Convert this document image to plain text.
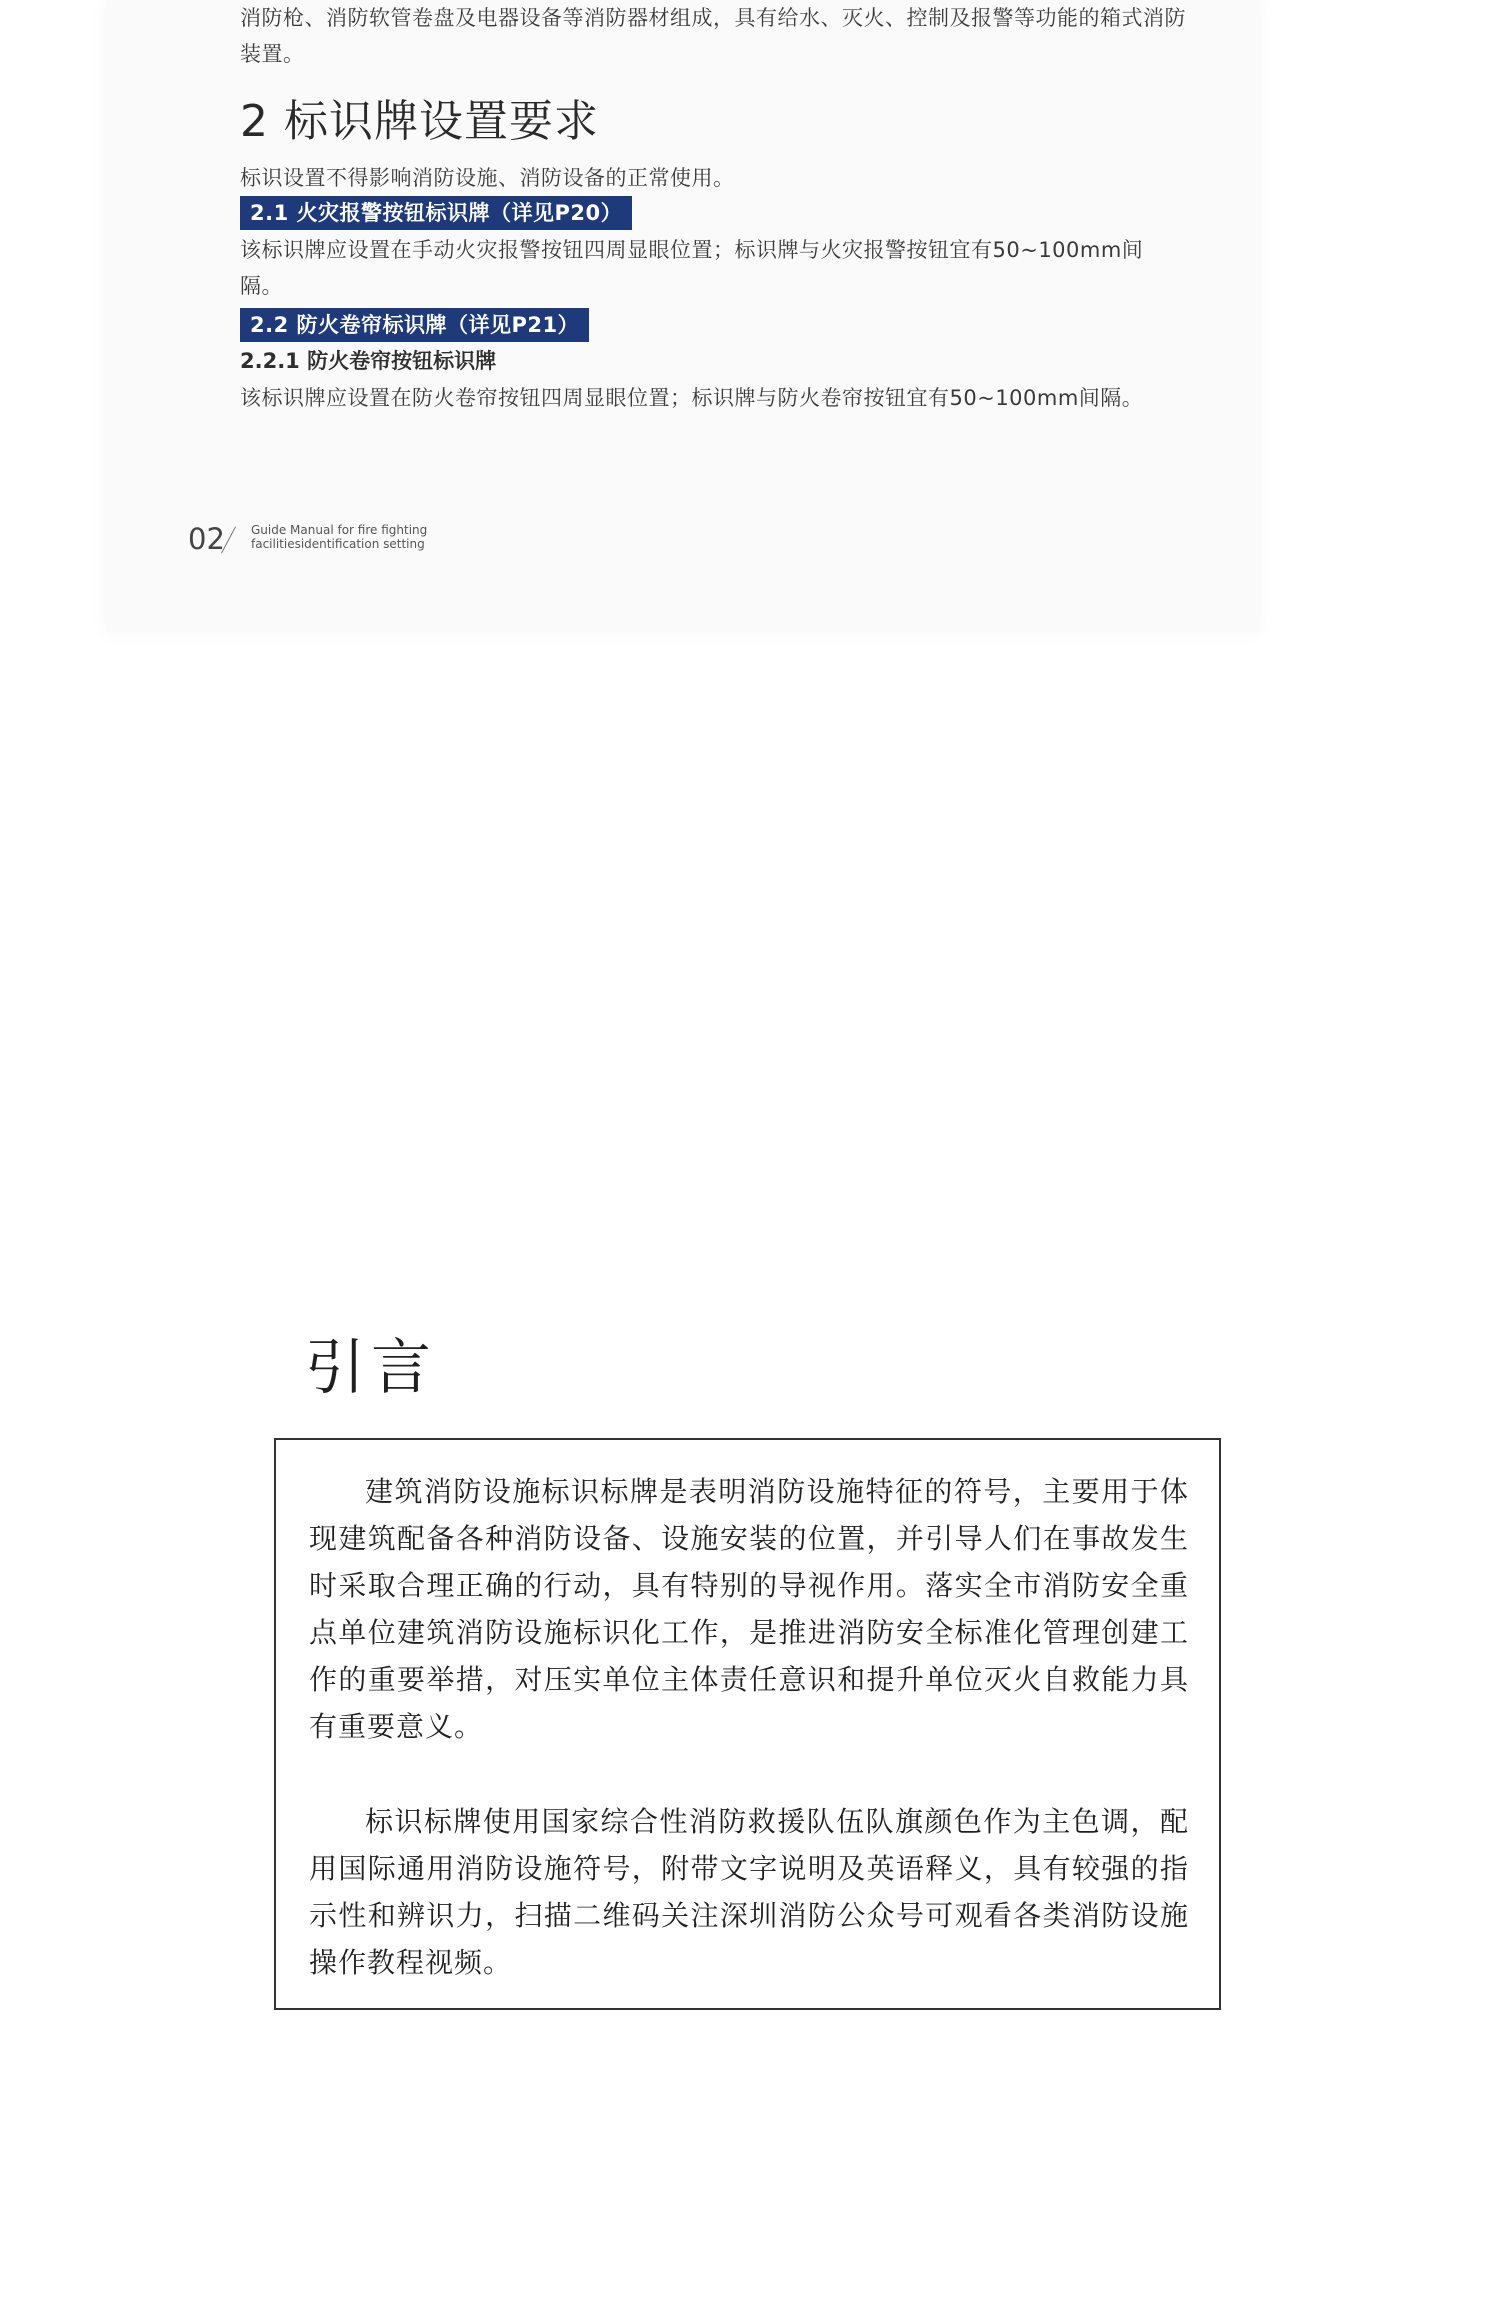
消防枪、消防软管卷盘及电器设备等消防器材组成，具有给水、灭火、控制及报警等功能的箱式消防装置。

2 标识牌设置要求

标识设置不得影响消防设施、消防设备的正常使用。

2.1 火灾报警按钮标识牌（详见P20）

该标识牌应设置在手动火灾报警按钮四周显眼位置；标识牌与火灾报警按钮宜有50~100mm间隔。

2.2 防火卷帘标识牌（详见P21）
2.2.1 防火卷帘按钮标识牌

该标识牌应设置在防火卷帘按钮四周显眼位置；标识牌与防火卷帘按钮宜有50~100mm间隔。

02 Guide Manual for fire fighting
facilitiesidentification setting
引言

建筑消防设施标识标牌是表明消防设施特征的符号，主要用于体现建筑配备各种消防设备、设施安装的位置，并引导人们在事故发生时采取合理正确的行动，具有特别的导视作用。落实全市消防安全重点单位建筑消防设施标识化工作，是推进消防安全标准化管理创建工作的重要举措，对压实单位主体责任意识和提升单位灭火自救能力具有重要意义。

标识标牌使用国家综合性消防救援队伍队旗颜色作为主色调，配用国际通用消防设施符号，附带文字说明及英语释义，具有较强的指示性和辨识力，扫描二维码关注深圳消防公众号可观看各类消防设施操作教程视频。
